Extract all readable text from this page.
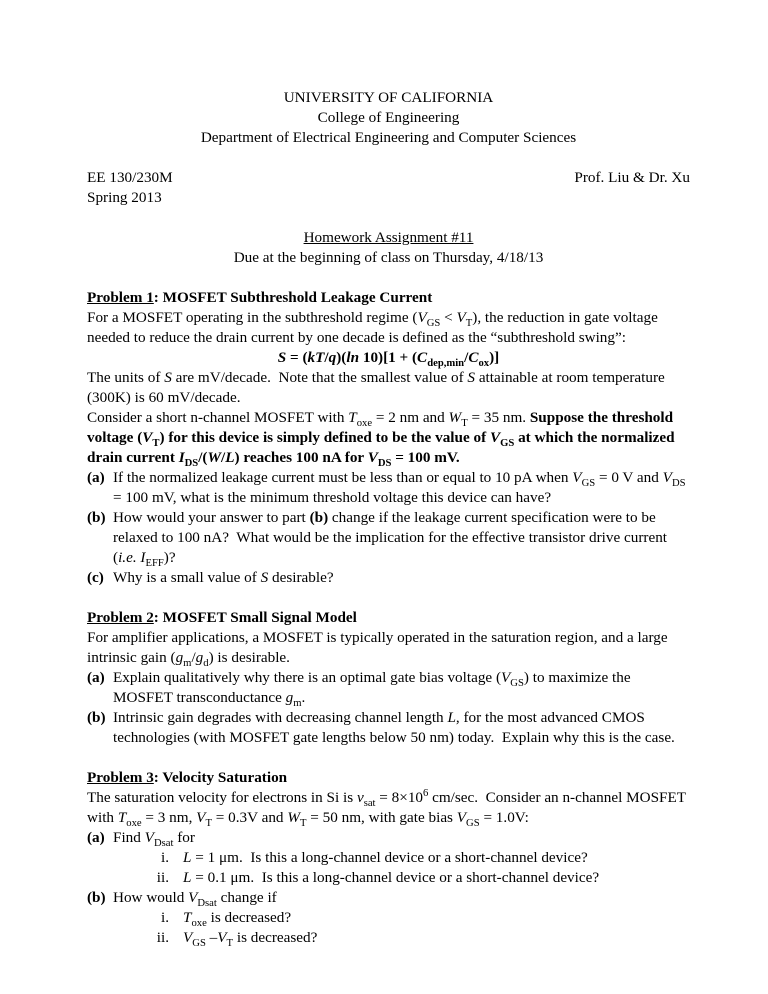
UNIVERSITY OF CALIFORNIA
College of Engineering
Department of Electrical Engineering and Computer Sciences
EE 130/230M
Spring 2013
Prof. Liu & Dr. Xu
Homework Assignment #11
Due at the beginning of class on Thursday, 4/18/13
Problem 1: MOSFET Subthreshold Leakage Current

For a MOSFET operating in the subthreshold regime $(V_{GS} < V_T)$, the reduction in gate voltage needed to reduce the drain current by one decade is defined as the “subthreshold swing”:

S = (kT/q)(ln $10)[1 + (C_{dep,min}/C_{ox})]$

The units of S are mV/decade.  Note that the smallest value of S attainable at room temperature (300K) is 60 mV/decade.

Consider a short n-channel MOSFET with $T_{oxe} = 2$ nm and $W_T = 35$ nm. Suppose the threshold voltage $(V_T)$ for this device is simply defined to be the value of $V_{GS}$ at which the normalized drain current $I_{DS}/(W/L)$ reaches 100 nA for $V_{DS} = 100$ mV.

(a) If the normalized leakage current must be less than or equal to 10 pA when $V_{GS} = 0$ V and $V_{DS} = 100$ mV, what is the minimum threshold voltage this device can have?
(b) How would your answer to part (b) change if the leakage current specification were to be relaxed to 100 nA?  What would be the implication for the effective transistor drive current (i.e. $I_{EFF}$)?
(c) Why is a small value of S desirable?
Problem 2: MOSFET Small Signal Model

For amplifier applications, a MOSFET is typically operated in the saturation region, and a large intrinsic gain $(g_m/g_d)$ is desirable.

(a) Explain qualitatively why there is an optimal gate bias voltage $(V_{GS})$ to maximize the MOSFET transconductance $g_m$.
(b) Intrinsic gain degrades with decreasing channel length L, for the most advanced CMOS technologies (with MOSFET gate lengths below 50 nm) today.  Explain why this is the case.
Problem 3: Velocity Saturation

The saturation velocity for electrons in Si is $v_{sat} = 8\times 10^6$ cm/sec.  Consider an n-channel MOSFET with $T_{oxe} = 3$ nm, $V_T = 0.3V$ and $W_T = 50$ nm, with gate bias $V_{GS} = 1.0V$:

(a) Find $V_{Dsat}$ for
i. L = 1 μm.  Is this a long-channel device or a short-channel device?
ii. L = 0.1 μm.  Is this a long-channel device or a short-channel device?
(b) How would $V_{Dsat}$ change if
i. $T_{oxe}$ is decreased?
ii. $V_{GS}$ $-V_T$ is decreased?
